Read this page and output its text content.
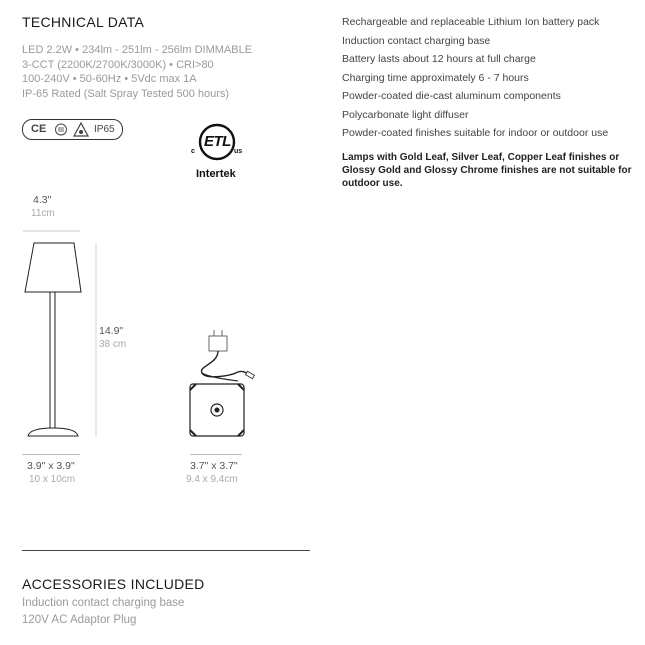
TECHNICAL DATA
LED 2.2W • 234lm - 251lm - 256lm DIMMABLE
3-CCT (2200K/2700K/3000K) • CRI>80
100-240V • 50-60Hz • 5Vdc max 1A
IP-65 Rated (Salt Spray Tested 500 hours)
CE	IP65
ETL
c	us
Intertek
Rechargeable and replaceable Lithium Ion battery pack
Induction contact charging base
Battery lasts about 12 hours at full charge
Charging time approximately 6 - 7 hours
Powder-coated die-cast aluminum components
Polycarbonate light diffuser
Powder-coated finishes suitable for indoor or outdoor use
Lamps with Gold Leaf, Silver Leaf, Copper Leaf finishes or Glossy Gold and Glossy Chrome finishes are not suitable for outdoor use.
4.3"
11cm
14.9"
38 cm
3.9" x 3.9"
10 x 10cm
3.7" x 3.7"
9.4 x 9.4cm
ACCESSORIES INCLUDED
Induction contact charging base
120V AC Adaptor Plug
